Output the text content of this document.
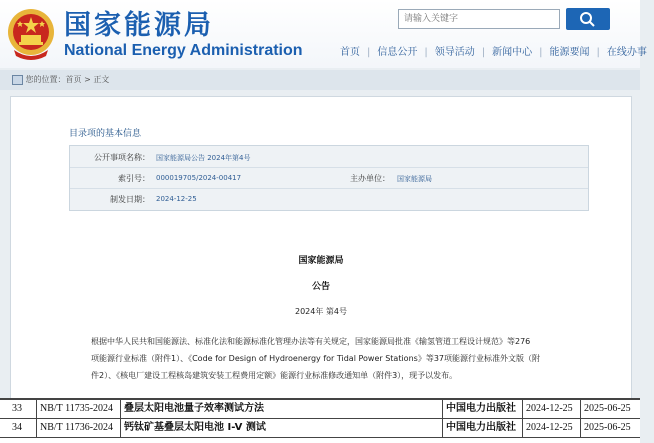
国家能源局
National Energy Administration
请输入关键字	首页 | 信息公开 | 领导活动 | 新闻中心 | 能源要闻 | 在线办事
您的位置：首页 > 正文
目录项的基本信息
公开事项名称： 国家能源局公告 2024年第4号
索引号： 000019705/2024-00417	主办单位： 国家能源局
制发日期： 2024-12-25
国家能源局
公告
2024年 第4号

根据中华人民共和国能源法、标准化法和能源标准化管理办法等有关规定，国家能源局批准《输氢管道工程设计规范》等276

项能源行业标准（附件1）、《Code for Design of Hydroenergy for Tidal Power Stations》等37项能源行业标准外文版（附

件2）、《核电厂建设工程核岛建筑安装工程费用定额》能源行业标准修改通知单（附件3），现予以发布。

33	NB/T 11735-2024	叠层太阳电池量子效率测试方法	中国电力出版社	2024-12-25	2025-06-25
34	NB/T 11736-2024	钙钛矿基叠层太阳电池 I-V 测试	中国电力出版社	2024-12-25	2025-06-25
